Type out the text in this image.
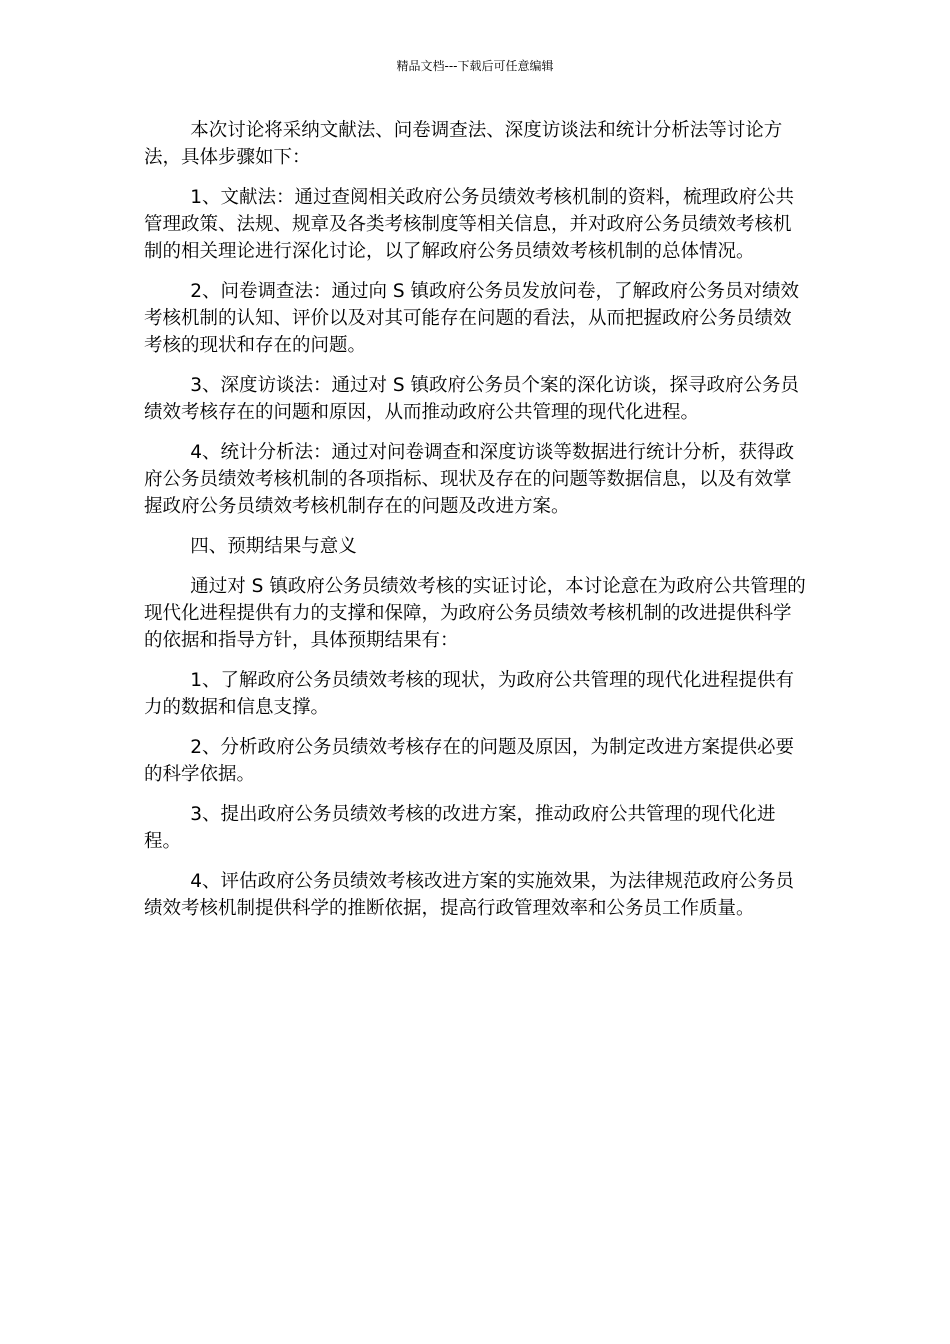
精品文档---下载后可任意编辑

本次讨论将采纳文献法、问卷调查法、深度访谈法和统计分析法等讨论方法，具体步骤如下：

1、文献法：通过查阅相关政府公务员绩效考核机制的资料，梳理政府公共管理政策、法规、规章及各类考核制度等相关信息，并对政府公务员绩效考核机制的相关理论进行深化讨论，以了解政府公务员绩效考核机制的总体情况。

2、问卷调查法：通过向 S 镇政府公务员发放问卷，了解政府公务员对绩效考核机制的认知、评价以及对其可能存在问题的看法，从而把握政府公务员绩效考核的现状和存在的问题。

3、深度访谈法：通过对 S 镇政府公务员个案的深化访谈，探寻政府公务员绩效考核存在的问题和原因，从而推动政府公共管理的现代化进程。

4、统计分析法：通过对问卷调查和深度访谈等数据进行统计分析，获得政府公务员绩效考核机制的各项指标、现状及存在的问题等数据信息，以及有效掌握政府公务员绩效考核机制存在的问题及改进方案。

四、预期结果与意义

通过对 S 镇政府公务员绩效考核的实证讨论，本讨论意在为政府公共管理的现代化进程提供有力的支撑和保障，为政府公务员绩效考核机制的改进提供科学的依据和指导方针，具体预期结果有：

1、了解政府公务员绩效考核的现状，为政府公共管理的现代化进程提供有力的数据和信息支撑。

2、分析政府公务员绩效考核存在的问题及原因，为制定改进方案提供必要的科学依据。

3、提出政府公务员绩效考核的改进方案，推动政府公共管理的现代化进程。

4、评估政府公务员绩效考核改进方案的实施效果，为法律规范政府公务员绩效考核机制提供科学的推断依据，提高行政管理效率和公务员工作质量。
